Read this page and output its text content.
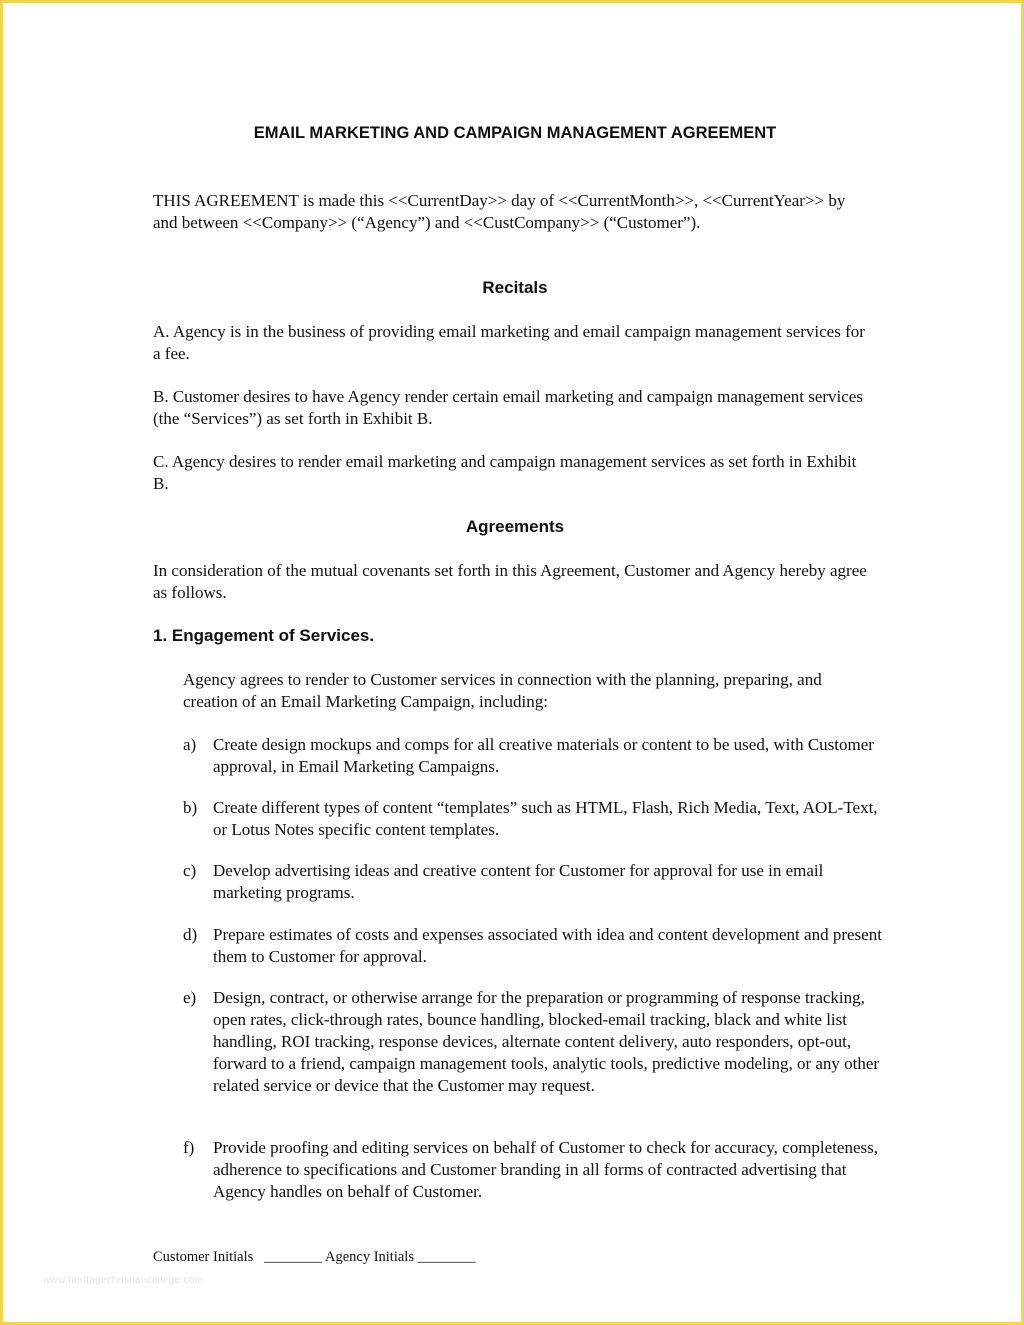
EMAIL MARKETING AND CAMPAIGN MANAGEMENT AGREEMENT

THIS AGREEMENT is made this <<CurrentDay>> day of <<CurrentMonth>>, <<CurrentYear>> by and between <<Company>> (“Agency”) and <<CustCompany>> (“Customer”).

Recitals

A. Agency is in the business of providing email marketing and email campaign management services for a fee.

B. Customer desires to have Agency render certain email marketing and campaign management services (the “Services”) as set forth in Exhibit B.

C. Agency desires to render email marketing and campaign management services as set forth in Exhibit B.

Agreements

In consideration of the mutual covenants set forth in this Agreement, Customer and Agency hereby agree as follows.

1. Engagement of Services.

Agency agrees to render to Customer services in connection with the planning, preparing, and creation of an Email Marketing Campaign, including:

a) Create design mockups and comps for all creative materials or content to be used, with Customer approval, in Email Marketing Campaigns.
b) Create different types of content “templates” such as HTML, Flash, Rich Media, Text, AOL-Text, or Lotus Notes specific content templates.
c) Develop advertising ideas and creative content for Customer for approval for use in email marketing programs.
d) Prepare estimates of costs and expenses associated with idea and content development and present them to Customer for approval.
e) Design, contract, or otherwise arrange for the preparation or programming of response tracking, open rates, click-through rates, bounce handling, blocked-email tracking, black and white list handling, ROI tracking, response devices, alternate content delivery, auto responders, opt-out, forward to a friend, campaign management tools, analytic tools, predictive modeling, or any other related service or device that the Customer may request.
f) Provide proofing and editing services on behalf of Customer to check for accuracy, completeness, adherence to specifications and Customer branding in all forms of contracted advertising that Agency handles on behalf of Customer.
Customer Initials   ________ Agency Initials ________
www.heritagechristiancollege.com
